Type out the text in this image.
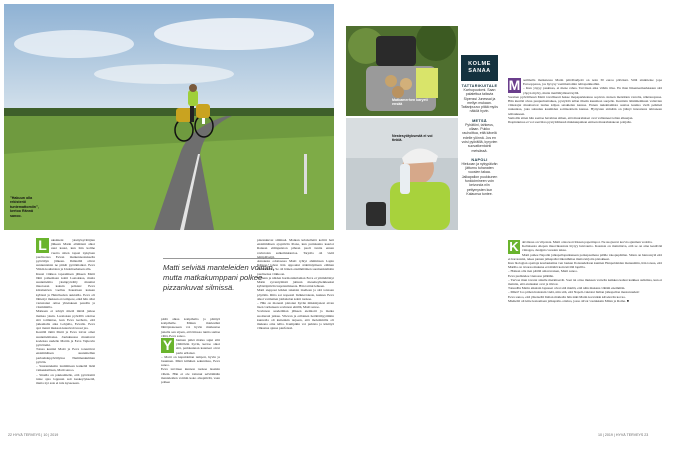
”Hakuun olla rekisteröi tuntemattomiin”, kertoo Rännä sanoo.
L	uksinteni yksityisyrittäjien jälkeen Matin elämässä alkoi uusi kausi, kun hän kolme vuotta sitten tapasi nykyisen puolisonsa Eevan maikennostuksella pyöräilyn jälkeen. Ihmisillä olivat sunnuntaisin ne pitkät pyörämatkat. Eeva Viikin koulutalon ja Uusimaahaisen alla.

Kuusi viikkoa tapaamisen jälkeen Matti lähti polkemaan kohti Laatokkaa, mutta suunnitelma yksinpyöräily muuttui muotoaan kaksin polkien: Eeva kilometrien vaellus Kaustisen kansan kylässä ja Heinäveden aukioilla. Eeva oli lähtenyt mukaan ex tempore, eikä hän ollut varustanut omaa yhteiskeen passilla ja vitamiinilla.

Matkaan ei tehtyä mielä mitää jatkaa matkaa yksin. Luottokan pyörällä odottaa sitä toimintaa, kun Eeva kerhoin, että jatkamalla aika Lohjalla, Eevalla. Eeva ajoi tiensä mukaan kuusivalovuosi jaa.

Kesällä tämä Matti ja Eeva loivat omat suunnitelmansa. Joulukuussa muuttavat kodeissa uudelle Mattin ja Eeva Vajkovin pyöräretki.

Toissa kesänä Matti ja Eeva toteuttivat ensimmäisen suunnitellun parisuhdepyöräilynsa Nummenkulman pyörän.

– Suurenteksiin lautimiteen kaikeltä lisää vaikeuksiltaan, Matti sanoo.

– Sinulla on pakkomielle, että pyöräreitti tulee ajaa loppuun asti keskeytyksettä, mutta nyt asia ei tule kyseeseen.

Matti selviää manteleiden voimin, mutta matkakumppani polkee pizzankuvat silmissä.

pitää alkaa kotipihalta ja päättyä kotipihalle. Minun mielestäni lähtöpisteeseen voi hyvin matkustaa junalla sen sijaan, että hiissaa tuntia samaa väliä, Eeva sanoo.

Y	hteinen pitkä matka sujui silti yllättävän hyvin, kertoo sikoi sitä, pariskunnan kaanteet oivat perin erilaiset.

– Matti on kapuloiman tempoä, hyvin ja lasunnen. Minä kiiluhen sekuntissa, Eeva sanoo.

Eeva tarvitsee kunnon ruokaa lasaisin välein. Hän ei ole tottunut selviämään manteleiden voimin koko alaspäivää, vaan polkee

pizzankuvat silmissä. Matkan kristiellettä kolitti heti ensimmäisen ajopäivän illana, kun puriskunta kaartoi Ranuan eläinpuiston pihaan puoli tuntia ennen ravintolan sulkemiskiertoa. Tarjolla oli vielä lehtipihveijä.

Annoksia odottaessa Matti ryhtyi ahmimaan Lapin Kansaa, johon hän uppoutui näköintymeen elämen intohimoilla. Se oli hänen ensimmäinen suomenkielisiin puolisensa viikkoon.

Hellenn ja näiden hormonitutlaman Eeva ei ymmärtänyt Matin syventymistä juttuun meseiteyheikkaaksi kylästäpäivän laajentamisesta. Hän tarttui lehteen.

Matti sieppasi lehden takaisin itselleen ja sitä toistaan pöytään. Riita sai nopeasti lisäkierroksia, kunnes Eeva alkoi varmaiten jaldattelan kohti ruokaa.

– Hän on monesti platonut hyvän mikkinysiesi aivan lisen varhaiseen sovinnon ehtillä, Matti sanoo.

Sovinnon saadeilman jälkeen aiemioiti ja matka suotturaal jatkua. Vilevan ja erilainen herättämyytimiin kunnolla oli kuitenkin tarpeen, että molemmilla oli mukana oma tellta. Kumpikin voi puhista ja käsittyä vilkastua ajassa pierfeissä.

22 HYVÄ TERVEYS | 10 | 2019
Matkamerhen karyeti ensää
Nestesyötyksestä ei voi tinkiä.
KOLME SANAA
TATTARIKUITALE
Karhupuutomi. Saan palatettua taitavia Sipenssi Junessai ja mellyn mukaan. Tattaripuuvo pitää myös näköä hyvin.
METSÄ
Pyhätöni, tahkeus, ollaan. Pukko rauhoittua, että kävelä edelle ylönnä. Jos en voisi pyöräillä, kyryvien suovatkentointi metsässä.
NAPOLI
Hieluoan ja nykypäivän jätturnu tuhanaten vuosien takaa. Jalkapallon puukkunen funkioimineen voin keivonda niin pettymysten kun Kalaunsa tuntee.
M aailmalla matkatessa Matin päiväbudjetti on noin 30 euroa päivässä. Sillä sinnittelee jopa Eurooppassa, jos hyvysy vaatimattomin telttapaikkoihin.

– Kun yöpyy puskissa, ei mene rahaa. Tarvitsen aika vähän tilaa. En ihan liikenteemerkkasun sitä yöpyn myöty, mutta tienlähtymissä kyllä.

Suomen pyöräillessä Matti tavallisesti hakee mapaparkkatusa sopivan oloisen metsätien varrelta, näkösuojassa. Hän kiertää sivua puupurinsitaikee, pystyttää tellan tiheän kuusikon suojelle. Kesäisin ääniimeimuun valtavien viitustajat muuttaavat laulua kilpaa satakielen kanssa. Ennen nukahtamista saattaa kuulua vielä pehmeä ruakuntaa, joka sulautuu kaumiden soitinsoittein kanssa. Hyttysten sirinään on jäänyt innostusta tahtoneen telttaukseen.

Samoilla sitten hän saattaa havahtua siihen, että muurahaiset ovat vallanneet teltan alkuajan.

Ihopinnuissa ei voi saavittaa pystyttämessä makkuupaikan entisen muurahaiskeon pohjalle.

K ahvilassa on vilpoista. Matti ottaa korvitisaan paperitapot. Ne suojaavat korvia ajanmen vedolta.

Keltaisesta Alepan muovikassista löytyy luisvautto. Kassista on mainittava, että se on aina kestävää vintagea, designia vuosien takaa.

Matti puhee Napolin jalkapalloputkuneen poikapaamasa päälle tokopupäälan. Sitten on hienotaytä että ei harrastaisi, tekee pienen jalkapalloviikonihmaa mutta kirjoita pistokkeet.

Kun biologian opettaja koulauksiina ven loukan Iloisuudeltaan kuntien Hanpaldaiden manusmiin, hän toteaa, että Matilla on tavaraa mukana eri määrä koin kivillä laprilla.

– Haluan olla tien päällä omavaraisen, Matti sanoo.

Eeva pudistelee vienossa päätään.

– Turvaa mun tavarat sinulle merkitsevät. Saat tai ottaa mukaan varrella kaikkea kalusi kaikkea sulkitiaa, kun ei mainita, että etulaukut ovat ja tilavat.

Totuudlla Matin aikaisin lapsuset oivat sitä mieltä, että näin mukana vähäm enemmän.

– Mikä? Jos pitäen halaaisin vielä, niin sitä, että Napoli-vaktaisi Italian jalkapallon mestaruuden!

Eeva sanoo, että yhteisellä Italian matkalla hän näki Matin korvatkin kävelevän kovaa.

Mieheltä oli kiire katsomaan jalkapallo-ottelua, jossa olivat vastakkain Milan ja Roma. ■

10 | 2019 | HYVÄ TERVEYS 23
